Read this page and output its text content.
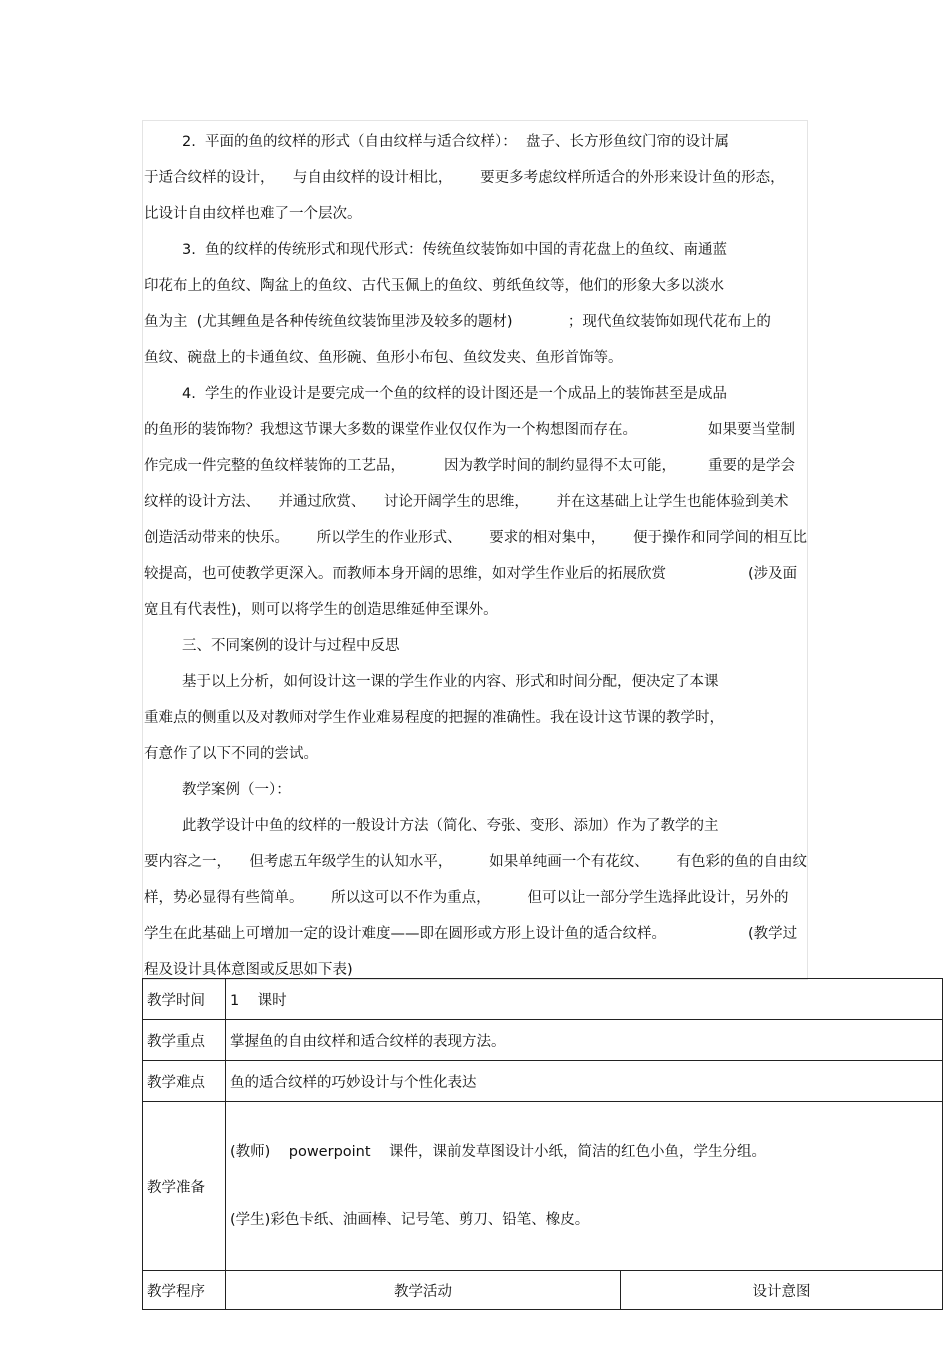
2.  平面的鱼的纹样的形式（自由纹样与适合纹样）：  盘子、长方形鱼纹门帘的设计属
于适合纹样的设计，    与自由纹样的设计相比，      要更多考虑纹样所适合的外形来设计鱼的形态，
比设计自由纹样也难了一个层次。
3.  鱼的纹样的传统形式和现代形式：传统鱼纹装饰如中国的青花盘上的鱼纹、南通蓝
印花布上的鱼纹、陶盆上的鱼纹、古代玉佩上的鱼纹、剪纸鱼纹等，他们的形象大多以淡水
鱼为主  (尤其鲤鱼是各种传统鱼纹装饰里涉及较多的题材)            ；现代鱼纹装饰如现代花布上的
鱼纹、碗盘上的卡通鱼纹、鱼形碗、鱼形小布包、鱼纹发夹、鱼形首饰等。
4.  学生的作业设计是要完成一个鱼的纹样的设计图还是一个成品上的装饰甚至是成品
的鱼形的装饰物？我想这节课大多数的课堂作业仅仅作为一个构想图而存在。	如果要当堂制
作完成一件完整的鱼纹样装饰的工艺品，	因为教学时间的制约显得不太可能， 重要的是学会
纹样的设计方法、    并通过欣赏、    讨论开阔学生的思维，      并在这基础上让学生也能体验到美术
创造活动带来的快乐。      所以学生的作业形式、      要求的相对集中，      便于操作和同学间的相互比
较提高，也可使教学更深入。而教师本身开阔的思维，如对学生作业后的拓展欣赏	(涉及面
宽且有代表性)，则可以将学生的创造思维延伸至课外。
三、不同案例的设计与过程中反思
基于以上分析，如何设计这一课的学生作业的内容、形式和时间分配，便决定了本课
重难点的侧重以及对教师对学生作业难易程度的把握的准确性。我在设计这节课的教学时，
有意作了以下不同的尝试。
教学案例（一）：
此教学设计中鱼的纹样的一般设计方法（简化、夸张、变形、添加）作为了教学的主
要内容之一，    但考虑五年级学生的认知水平，        如果单纯画一个有花纹、      有色彩的鱼的自由纹
样，势必显得有些简单。      所以这可以不作为重点，        但可以让一部分学生选择此设计，另外的
学生在此基础上可增加一定的设计难度——即在圆形或方形上设计鱼的适合纹样。	(教学过
程及设计具体意图或反思如下表)
教学时间	1    课时	
教学重点	掌握鱼的自由纹样和适合纹样的表现方法。	
教学难点	鱼的适合纹样的巧妙设计与个性化表达	
教学准备	(教师)    powerpoint    课件，课前发草图设计小纸，简洁的红色小鱼，学生分组。

(学生)彩色卡纸、油画棒、记号笔、剪刀、铅笔、橡皮。	

教学程序	教学活动	设计意图
